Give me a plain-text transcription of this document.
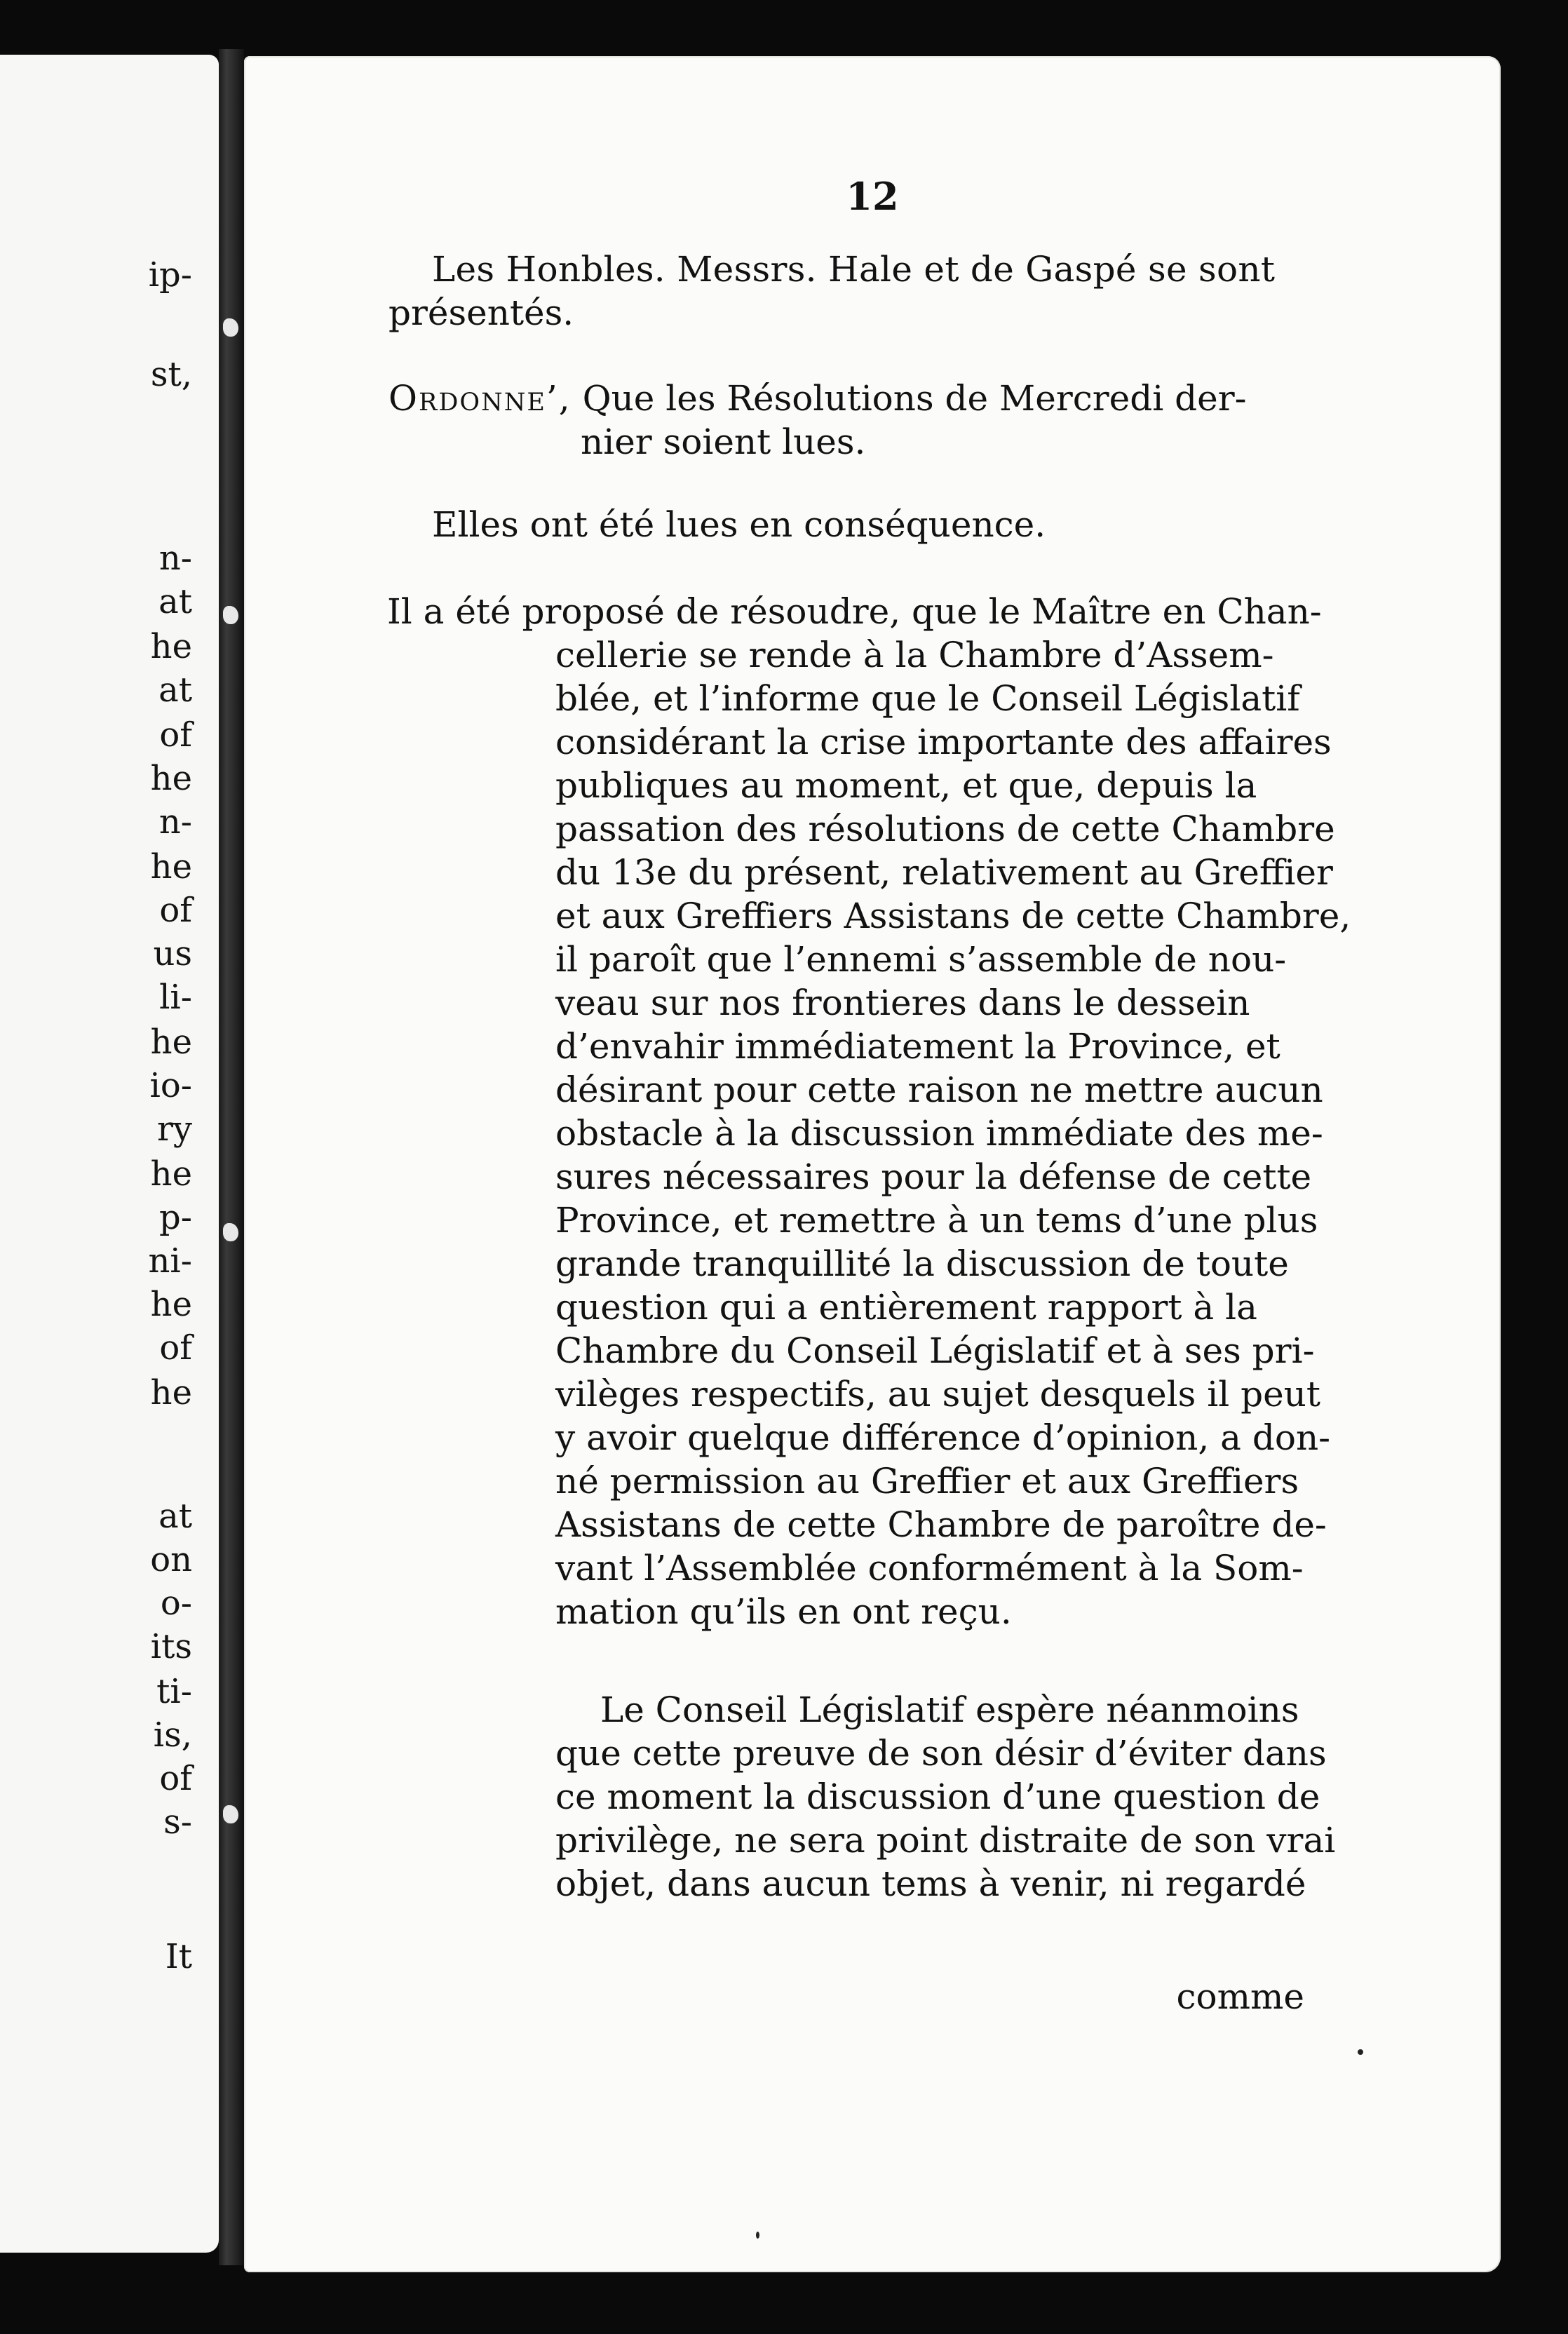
ip-
st,
n-
at
he
at
of
he
n-
he
of
us
li-
he
io-
ry
he
p-
ni-
he
of
he
at
on
o-
its
ti-
is,
of
s-
It
12
Les Honbles. Messrs. Hale et de Gaspé se sont
présentés.
Ordonne’, Que les Résolutions de Mercredi der-
nier soient lues.
Elles ont été lues en conséquence.
Il a été proposé de résoudre, que le Maître en Chan-
cellerie se rende à la Chambre d’Assem-
blée, et l’informe que le Conseil Législatif
considérant la crise importante des affaires
publiques au moment, et que, depuis la
passation des résolutions de cette Chambre
du 13e du présent, relativement au Greffier
et aux Greffiers Assistans de cette Chambre,
il paroît que l’ennemi s’assemble de nou-
veau sur nos frontieres dans le dessein
d’envahir immédiatement la Province, et
désirant pour cette raison ne mettre aucun
obstacle à la discussion immédiate des me-
sures nécessaires pour la défense de cette
Province, et remettre à un tems d’une plus
grande tranquillité la discussion de toute
question qui a entièrement rapport à la
Chambre du Conseil Législatif et à ses pri-
vilèges respectifs, au sujet desquels il peut
y avoir quelque différence d’opinion, a don-
né permission au Greffier et aux Greffiers
Assistans de cette Chambre de paroître de-
vant l’Assemblée conformément à la Som-
mation qu’ils en ont reçu.
Le Conseil Législatif espère néanmoins
que cette preuve de son désir d’éviter dans
ce moment la discussion d’une question de
privilège, ne sera point distraite de son vrai
objet, dans aucun tems à venir, ni regardé
comme
